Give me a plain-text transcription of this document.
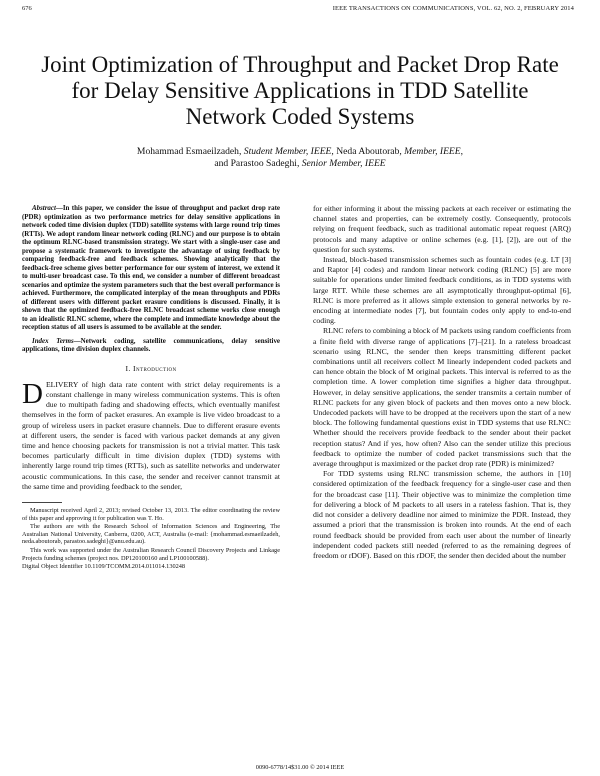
676	IEEE TRANSACTIONS ON COMMUNICATIONS, VOL. 62, NO. 2, FEBRUARY 2014
Joint Optimization of Throughput and Packet Drop Rate for Delay Sensitive Applications in TDD Satellite Network Coded Systems
Mohammad Esmaeilzadeh, Student Member, IEEE, Neda Aboutorab, Member, IEEE,
and Parastoo Sadeghi, Senior Member, IEEE

Abstract—In this paper, we consider the issue of throughput and packet drop rate (PDR) optimization as two performance metrics for delay sensitive applications in network coded time division duplex (TDD) satellite systems with large round trip times (RTTs). We adopt random linear network coding (RLNC) and our purpose is to obtain the optimum RLNC-based transmission strategy. We start with a single-user case and propose a systematic framework to investigate the advantage of using feedback by comparing feedback-free and feedback schemes. Showing analytically that the feedback-free scheme gives better performance for our system of interest, we extend it to multi-user broadcast case. To this end, we consider a number of different broadcast scenarios and optimize the system parameters such that the best overall performance is achieved. Furthermore, the complicated interplay of the mean throughputs and PDRs of different users with different packet erasure conditions is discussed. Finally, it is shown that the optimized feedback-free RLNC broadcast scheme works close enough to an idealistic RLNC scheme, where the complete and immediate knowledge about the reception status of all users is assumed to be available at the sender.

Index Terms—Network coding, satellite communications, delay sensitive applications, time division duplex channels.

I. Introduction

DELIVERY of high data rate content with strict delay requirements is a constant challenge in many wireless communication systems. This is often due to multipath fading and shadowing effects, which eventually manifest themselves in the form of packet erasures. An example is live video broadcast to a group of wireless users in packet erasure channels. Due to different erasure events at different users, the sender is faced with various packet demands at any given time and hence choosing packets for transmission is not a trivial matter. This task becomes particularly difficult in time division duplex (TDD) systems with inherently large round trip times (RTTs), such as satellite networks and underwater acoustic communications. In this case, the sender and receiver cannot transmit at the same time and providing feedback to the sender,

Manuscript received April 2, 2013; revised October 13, 2013. The editor coordinating the review of this paper and approving it for publication was T. Ho.

The authors are with the Research School of Information Sciences and Engineering, The Australian National University, Canberra, 0200, ACT, Australia (e-mail: {mohammad.esmaeilzadeh, neda.aboutorab, parastoo.sadeghi}@anu.edu.au).

This work was supported under the Australian Research Council Discovery Projects and Linkage Projects funding schemes (project nos. DP120100160 and LP100100588).

Digital Object Identifier 10.1109/TCOMM.2014.011014.130248

for either informing it about the missing packets at each receiver or estimating the channel states and properties, can be extremely costly. Consequently, protocols relying on frequent feedback, such as traditional automatic repeat request (ARQ) protocols and many adaptive or online schemes (e.g. [1], [2]), are out of the question for such systems.

Instead, block-based transmission schemes such as fountain codes (e.g. LT [3] and Raptor [4] codes) and random linear network coding (RLNC) [5] are more suitable for operations under limited feedback conditions, as in TDD systems with large RTT. While these schemes are all asymptotically throughput-optimal [6], RLNC is more preferred as it allows simple extension to general networks by re-encoding at intermediate nodes [7], but fountain codes only apply to end-to-end coding.

RLNC refers to combining a block of M packets using random coefficients from a finite field with diverse range of applications [7]–[21]. In a rateless broadcast scenario using RLNC, the sender then keeps transmitting different packet combinations until all receivers collect M linearly independent coded packets and can hence obtain the block of M original packets. This interval is referred to as the completion time. A lower completion time signifies a higher data throughput. However, in delay sensitive applications, the sender transmits a certain number of RLNC packets for any given block of packets and then moves onto a new block. Undecoded packets will have to be dropped at the receivers upon the start of a new block. The following fundamental questions exist in TDD systems that use RLNC: Whether should the receivers provide feedback to the sender about their packet reception status? And if yes, how often? Also can the sender utilize this precious feedback to optimize the number of coded packet transmissions such that the average throughput is maximized or the packet drop rate (PDR) is minimized?

For TDD systems using RLNC transmission scheme, the authors in [10] considered optimization of the feedback frequency for a single-user case and then for the broadcast case [11]. Their objective was to minimize the completion time for delivering a block of M packets to all users in a rateless fashion. That is, they did not consider a delivery deadline nor aimed to minimize the PDR. Instead, they assumed a priori that the transmission is broken into rounds. At the end of each round feedback should be provided from each user about the number of linearly independent coded packets still needed (referred to as the remaining degrees of freedom or rDOF). Based on this rDOF, the sender then decided about the number

0090-6778/14$31.00 © 2014 IEEE
